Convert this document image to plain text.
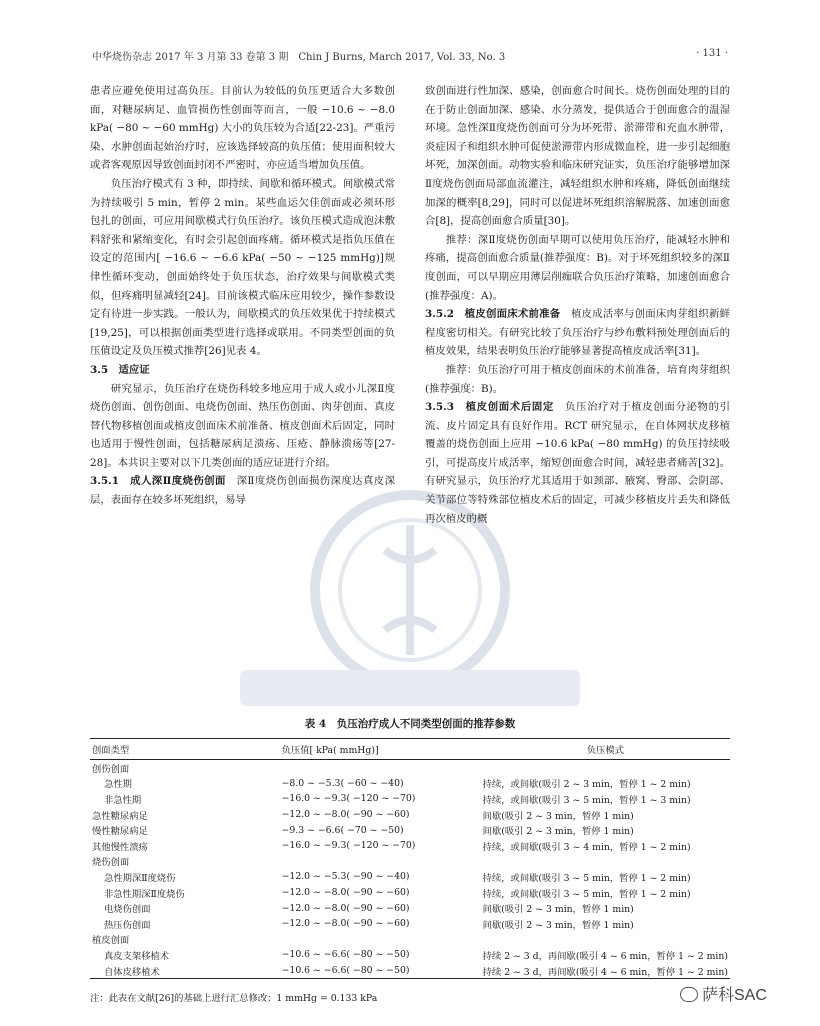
中华烧伤杂志 2017 年 3 月第 33 卷第 3 期　Chin J Burns, March 2017, Vol. 33, No. 3	· 131 ·

患者应避免使用过高负压。目前认为较低的负压更适合大多数创面，对糖尿病足、血管损伤性创面等而言，一般 −10.6 ~ −8.0 kPa( −80 ~ −60 mmHg) 大小的负压较为合适[22-23]。严重污染、水肿创面起始治疗时，应该选择较高的负压值；使用面积较大或者客观原因导致创面封闭不严密时，亦应适当增加负压值。

负压治疗模式有 3 种，即持续、间歇和循环模式。间歇模式常为持续吸引 5 min，暂停 2 min。某些血运欠佳创面或必须环形包扎的创面，可应用间歇模式行负压治疗。该负压模式造成泡沫敷料舒张和紧缩变化，有时会引起创面疼痛。循环模式是指负压值在设定的范围内[ −16.6 ~ −6.6 kPa( −50 ~ −125 mmHg)]规律性循环变动，创面始终处于负压状态，治疗效果与间歇模式类似，但疼痛明显减轻[24]。目前该模式临床应用较少，操作参数设定有待进一步实践。一般认为，间歇模式的负压效果优于持续模式[19,25]，可以根据创面类型进行选择或联用。不同类型创面的负压值设定及负压模式推荐[26]见表 4。

3.5　适应证

研究显示，负压治疗在烧伤科较多地应用于成人或小儿深Ⅱ度烧伤创面、创伤创面、电烧伤创面、热压伤创面、肉芽创面、真皮替代物移植创面或植皮创面床术前准备、植皮创面术后固定，同时也适用于慢性创面，包括糖尿病足溃疡、压疮、静脉溃疡等[27-28]。本共识主要对以下几类创面的适应证进行介绍。

3.5.1　成人深Ⅱ度烧伤创面　 深Ⅱ度烧伤创面损伤深度达真皮深层，表面存在较多坏死组织，易导

致创面进行性加深、感染，创面愈合时间长。烧伤创面处理的目的在于防止创面加深、感染、水分蒸发，提供适合于创面愈合的温湿环境。急性深Ⅱ度烧伤创面可分为坏死带、淤滞带和充血水肿带，炎症因子和组织水肿可促使淤滞带内形成微血栓，进一步引起细胞坏死，加深创面。动物实验和临床研究证实，负压治疗能够增加深Ⅱ度烧伤创面局部血流灌注，减轻组织水肿和疼痛，降低创面继续加深的概率[8,29]，同时可以促进坏死组织溶解脱落、加速创面愈合[8]，提高创面愈合质量[30]。

推荐：深Ⅱ度烧伤创面早期可以使用负压治疗，能减轻水肿和疼痛，提高创面愈合质量(推荐强度：B)。对于坏死组织较多的深Ⅱ度创面，可以早期应用薄层削痂联合负压治疗策略，加速创面愈合(推荐强度：A)。

3.5.2　植皮创面床术前准备　 植皮成活率与创面床肉芽组织新鲜程度密切相关。有研究比较了负压治疗与纱布敷料预处理创面后的植皮效果，结果表明负压治疗能够显著提高植皮成活率[31]。

推荐：负压治疗可用于植皮创面床的术前准备，培育肉芽组织(推荐强度：B)。

3.5.3　植皮创面术后固定　 负压治疗对于植皮创面分泌物的引流、皮片固定具有良好作用。RCT 研究显示，在自体网状皮移植覆盖的烧伤创面上应用 −10.6 kPa( −80 mmHg) 的负压持续吸引，可提高皮片成活率，缩短创面愈合时间，减轻患者痛苦[32]。有研究显示，负压治疗尤其适用于如颈部、腋窝、臀部、会阴部、关节部位等特殊部位植皮术后的固定，可减少移植皮片丢失和降低再次植皮的概

表 4　负压治疗成人不同类型创面的推荐参数
创面类型	负压值[ kPa( mmHg)]	负压模式
创伤创面		
急性期	−8.0 ~ −5.3( −60 ~ −40)	持续，或间歇(吸引 2 ~ 3 min，暂停 1 ~ 2 min)
非急性期	−16.0 ~ −9.3( −120 ~ −70)	持续，或间歇(吸引 3 ~ 5 min，暂停 1 ~ 3 min)
急性糖尿病足	−12.0 ~ −8.0( −90 ~ −60)	间歇(吸引 2 ~ 3 min，暂停 1 min)
慢性糖尿病足	−9.3 ~ −6.6( −70 ~ −50)	间歇(吸引 2 ~ 3 min，暂停 1 min)
其他慢性溃疡	−16.0 ~ −9.3( −120 ~ −70)	持续，或间歇(吸引 3 ~ 4 min，暂停 1 ~ 2 min)
烧伤创面		
急性期深Ⅱ度烧伤	−12.0 ~ −5.3( −90 ~ −40)	持续，或间歇(吸引 3 ~ 5 min，暂停 1 ~ 2 min)
非急性期深Ⅱ度烧伤	−12.0 ~ −8.0( −90 ~ −60)	持续，或间歇(吸引 3 ~ 5 min，暂停 1 ~ 2 min)
电烧伤创面	−12.0 ~ −8.0( −90 ~ −60)	间歇(吸引 2 ~ 3 min，暂停 1 min)
热压伤创面	−12.0 ~ −8.0( −90 ~ −60)	间歇(吸引 2 ~ 3 min，暂停 1 min)
植皮创面		
真皮支架移植术	−10.6 ~ −6.6( −80 ~ −50)	持续 2 ~ 3 d，再间歇(吸引 4 ~ 6 min，暂停 1 ~ 2 min)
自体皮移植术	−10.6 ~ −6.6( −80 ~ −50)	持续 2 ~ 3 d，再间歇(吸引 4 ~ 6 min，暂停 1 ~ 2 min)
注：此表在文献[26]的基础上进行汇总修改；1 mmHg = 0.133 kPa	萨科SAC
